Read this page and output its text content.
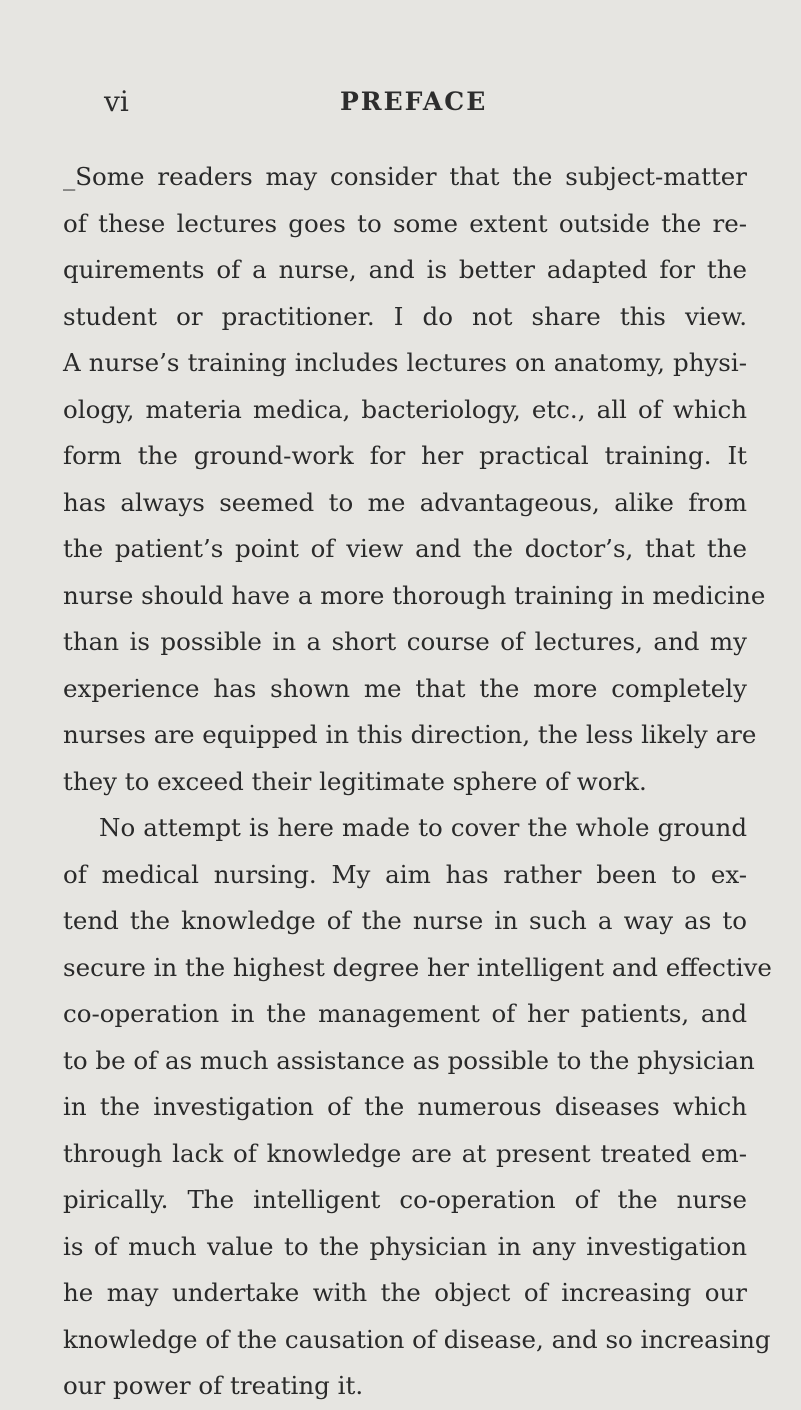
vi	PREFACE
_Some readers may consider that the subject-matter
of these lectures goes to some extent outside the re-
quirements of a nurse, and is better adapted for the
student or practitioner. I do not share this view.
A nurse’s training includes lectures on anatomy, physi-
ology, materia medica, bacteriology, etc., all of which
form the ground-work for her practical training. It
has always seemed to me advantageous, alike from
the patient’s point of view and the doctor’s, that the
nurse should have a more thorough training in medicine
than is possible in a short course of lectures, and my
experience has shown me that the more completely
nurses are equipped in this direction, the less likely are
they to exceed their legitimate sphere of work.
No attempt is here made to cover the whole ground
of medical nursing. My aim has rather been to ex-
tend the knowledge of the nurse in such a way as to
secure in the highest degree her intelligent and effective
co-operation in the management of her patients, and
to be of as much assistance as possible to the physician
in the investigation of the numerous diseases which
through lack of knowledge are at present treated em-
pirically. The intelligent co-operation of the nurse
is of much value to the physician in any investigation
he may undertake with the object of increasing our
knowledge of the causation of disease, and so increasing
our power of treating it.
